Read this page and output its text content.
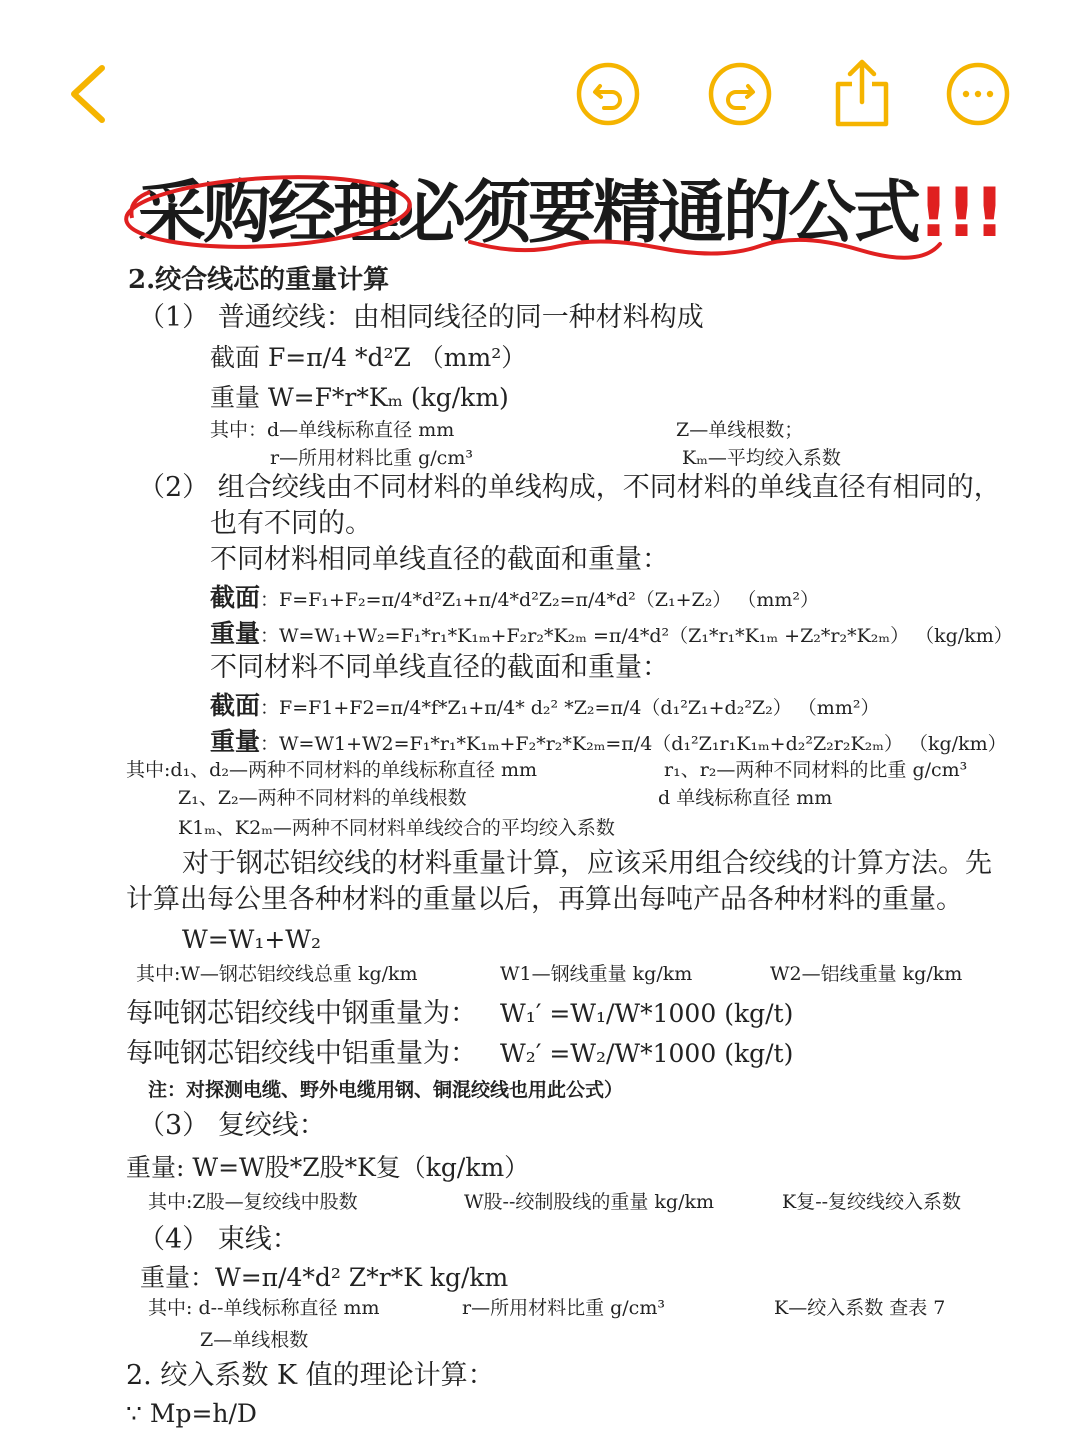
采购经理必须要精通的公式!!!

2.绞合线芯的重量计算

（1） 普通绞线：由相同线径的同一种材料构成

截面 F=π/4 *d²Z （mm²）

重量 W=F*r*Kₘ (kg/km)

其中：d—单线标称直径 mm	Z—单线根数；

r—所用材料比重 g/cm³	Kₘ—平均绞入系数

（2） 组合绞线由不同材料的单线构成，不同材料的单线直径有相同的，

也有不同的。

不同材料相同单线直径的截面和重量：

截面：F=F₁+F₂=π/4*d²Z₁+π/4*d²Z₂=π/4*d²（Z₁+Z₂） （mm²）

重量：W=W₁+W₂=F₁*r₁*K₁ₘ+F₂r₂*K₂ₘ =π/4*d²（Z₁*r₁*K₁ₘ +Z₂*r₂*K₂ₘ） （kg/km）

不同材料不同单线直径的截面和重量：

截面：F=F1+F2=π/4*f*Z₁+π/4* d₂² *Z₂=π/4（d₁²Z₁+d₂²Z₂） （mm²）

重量：W=W1+W2=F₁*r₁*K₁ₘ+F₂*r₂*K₂ₘ=π/4（d₁²Z₁r₁K₁ₘ+d₂²Z₂r₂K₂ₘ） （kg/km）

其中:d₁、d₂—两种不同材料的单线标称直径 mm	r₁、r₂—两种不同材料的比重 g/cm³

Z₁、Z₂—两种不同材料的单线根数	d 单线标称直径 mm

K1ₘ、K2ₘ—两种不同材料单线绞合的平均绞入系数

对于钢芯铝绞线的材料重量计算，应该采用组合绞线的计算方法。先

计算出每公里各种材料的重量以后，再算出每吨产品各种材料的重量。

W=W₁+W₂

其中:W—钢芯铝绞线总重 kg/km	W1—钢线重量 kg/km	W2—铝线重量 kg/km

每吨钢芯铝绞线中钢重量为： W₁′ =W₁/W*1000 (kg/t)

每吨钢芯铝绞线中铝重量为： W₂′ =W₂/W*1000 (kg/t)

注：对探测电缆、野外电缆用钢、铜混绞线也用此公式）

（3） 复绞线：

重量: W=W股*Z股*K复（kg/km）

其中:Z股—复绞线中股数	W股--绞制股线的重量 kg/km	K复--复绞线绞入系数

（4） 束线：

重量：W=π/4*d² Z*r*K kg/km

其中: d--单线标称直径 mm	r—所用材料比重 g/cm³	K—绞入系数 查表 7

Z—单线根数

2. 绞入系数 K 值的理论计算：

∵ Mp=h/D
